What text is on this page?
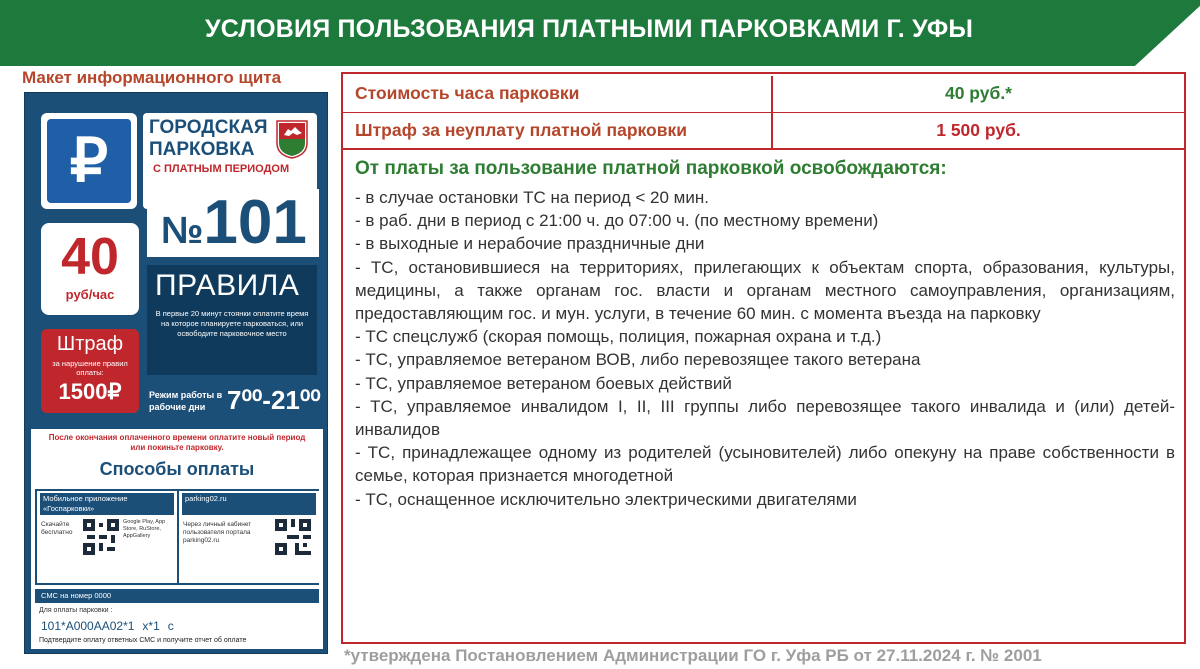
УСЛОВИЯ ПОЛЬЗОВАНИЯ ПЛАТНЫМИ ПАРКОВКАМИ Г. УФЫ
Макет информационного щита
₽	ГОРОДСКАЯ
ПАРКОВКА
С ПЛАТНЫМ ПЕРИОДОМ
№101
40
руб/час	ПРАВИЛА
В первые 20 минут стоянки оплатите время на которое планируете парковаться, или освободите парковочное место
Штраф
за нарушение правил оплаты:
1500₽	Режим работы в рабочие дни 7⁰⁰-21⁰⁰
После окончания оплаченного времени оплатите новый период или покиньте парковку.
Способы оплаты
Мобильное приложение «Госпарковки»
Скачайте бесплатно
Google Play, App Store, RuStore, AppGallery
parking02.ru
Через личный кабинет пользователя портала parking02.ru
СМС на номер 0000
Для оплаты парковки :
101*А000АА02*1 х*1 с
Подтвердите оплату ответных СМС и получите отчет об оплате
Стоимость часа парковки	40 руб.*
Штраф за неуплату платной парковки	1 500 руб.
От платы за пользование платной парковкой освобождаются:
- в случае остановки ТС на период < 20 мин.
- в раб. дни в период с 21:00 ч. до 07:00 ч. (по местному времени)
- в выходные и нерабочие праздничные дни
- ТС, остановившиеся на территориях, прилегающих к объектам спорта, образования, культуры, медицины, а также органам гос. власти и органам местного самоуправления, организациям, предоставляющим гос. и мун. услуги, в течение 60 мин. с момента въезда на парковку
- ТС спецслужб (скорая помощь, полиция, пожарная охрана и т.д.)
- ТС, управляемое ветераном ВОВ, либо перевозящее такого ветерана
- ТС, управляемое ветераном боевых действий
- ТС, управляемое инвалидом I, II, III группы либо перевозящее такого инвалида и (или) детей-инвалидов
- ТС, принадлежащее одному из родителей (усыновителей) либо опекуну на праве собственности в семье, которая признается многодетной
- ТС, оснащенное исключительно электрическими двигателями
*утверждена Постановлением Администрации ГО г. Уфа РБ от 27.11.2024 г. № 2001
